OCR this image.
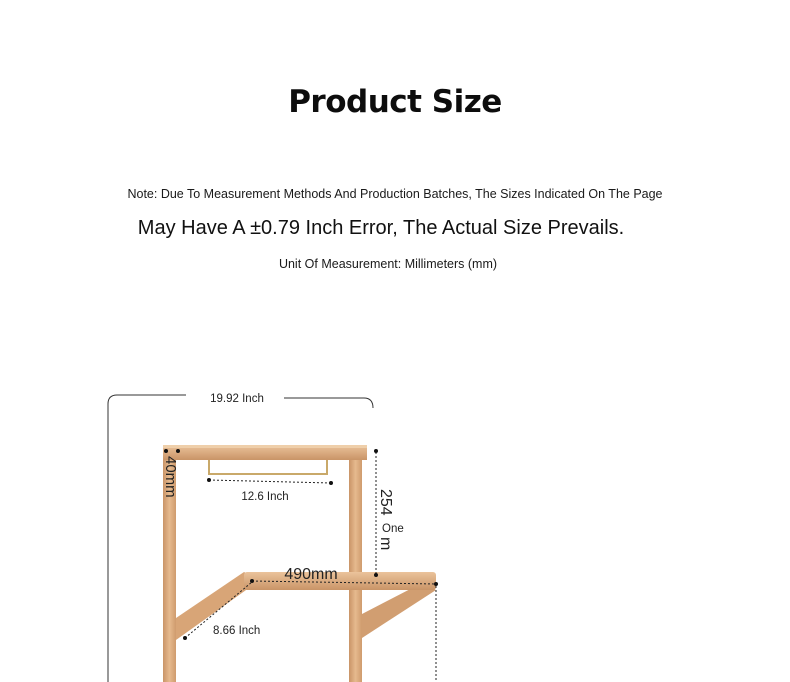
Product Size
Note: Due To Measurement Methods And Production Batches, The Sizes Indicated On The Page
May Have A ±0.79 Inch Error, The Actual Size Prevails.
Unit Of Measurement: Millimeters (mm)
19.92 Inch
12.6 Inch
40mm
254
m
One
490mm
8.66 Inch
